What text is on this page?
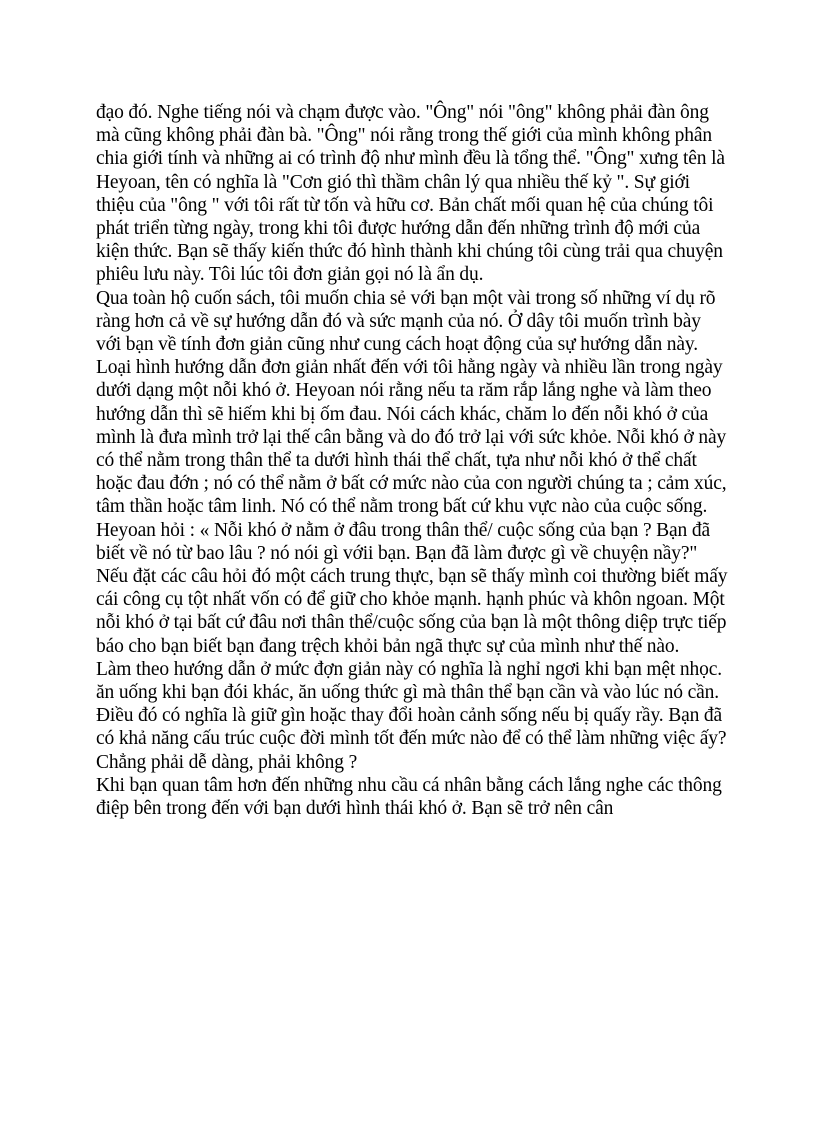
đạo đó. Nghe tiếng nói và chạm được vào. "Ông" nói "ông" không phải đàn ông mà cũng không phải đàn bà. "Ông" nói rằng trong thế giới của mình không phân chia giới tính và những ai có trình độ như mình đều là tổng thể. "Ông" xưng tên là Heyoan, tên có nghĩa là "Cơn gió thì thầm chân lý qua nhiều thế kỷ ". Sự giới thiệu của "ông " với tôi rất từ tốn và hữu cơ. Bản chất mối quan hệ của chúng tôi phát triển từng ngày, trong khi tôi được hướng dẫn đến những trình độ mới của kiện thức. Bạn sẽ thấy kiến thức đó hình thành khi chúng tôi cùng trải qua chuyện phiêu lưu này. Tôi lúc tôi đơn giản gọi nó là ẩn dụ.

Qua toàn hộ cuốn sách, tôi muốn chia sẻ với bạn một vài trong số những ví dụ rõ ràng hơn cả về sự hướng dẫn đó và sức mạnh của nó. Ở dây tôi muốn trình bày với bạn về tính đơn giản cũng như cung cách hoạt động của sự hướng dẫn này.

Loại hình hướng dẫn đơn giản nhất đến với tôi hằng ngày và nhiều lần trong ngày dưới dạng một nỗi khó ở. Heyoan nói rằng nếu ta răm rắp lắng nghe và làm theo hướng dẫn thì sẽ hiếm khi bị ốm đau. Nói cách khác, chăm lo đến nỗi khó ở của mình là đưa mình trở lại thế cân bằng và do đó trở lại với sức khỏe. Nỗi khó ở này có thể nằm trong thân thể ta dưới hình thái thể chất, tựa như nỗi khó ở thể chất hoặc đau đớn ; nó có thể nằm ở bất cớ mức nào của con người chúng ta ; cảm xúc, tâm thần hoặc tâm linh. Nó có thể nằm trong bất cứ khu vực nào của cuộc sống.

Heyoan hỏi : « Nỗi khó ở nằm ở đâu trong thân thể/ cuộc sống của bạn ? Bạn đã biết về nó từ bao lâu ? nó nói gì vớii bạn. Bạn đã làm được gì về chuyện nầy?"

Nếu đặt các câu hỏi đó một cách trung thực, bạn sẽ thấy mình coi thường biết mấy cái công cụ tột nhất vốn có để giữ cho khỏe mạnh. hạnh phúc và khôn ngoan. Một nỗi khó ở tại bất cứ đâu nơi thân thể/cuộc sống của bạn là một thông diệp trực tiếp báo cho bạn biết bạn đang trệch khỏi bản ngã thực sự của mình như thế nào.

Làm theo hướng dẫn ở mức đợn giản này có nghĩa là nghỉ ngơi khi bạn mệt nhọc. ăn uống khi bạn đói khác, ăn uống thức gì mà thân thể bạn cần và vào lúc nó cần. Điều đó có nghĩa là giữ gìn hoặc thay đổi hoàn cảnh sống nếu bị quấy rầy. Bạn đã có khả năng cấu trúc cuộc đời mình tốt đến mức nào để có thể làm những việc ấy?

Chẳng phải dễ dàng, phải không ?

Khi bạn quan tâm hơn đến những nhu cầu cá nhân bằng cách lắng nghe các thông điệp bên trong đến với bạn dưới hình thái khó ở. Bạn sẽ trở nên cân
